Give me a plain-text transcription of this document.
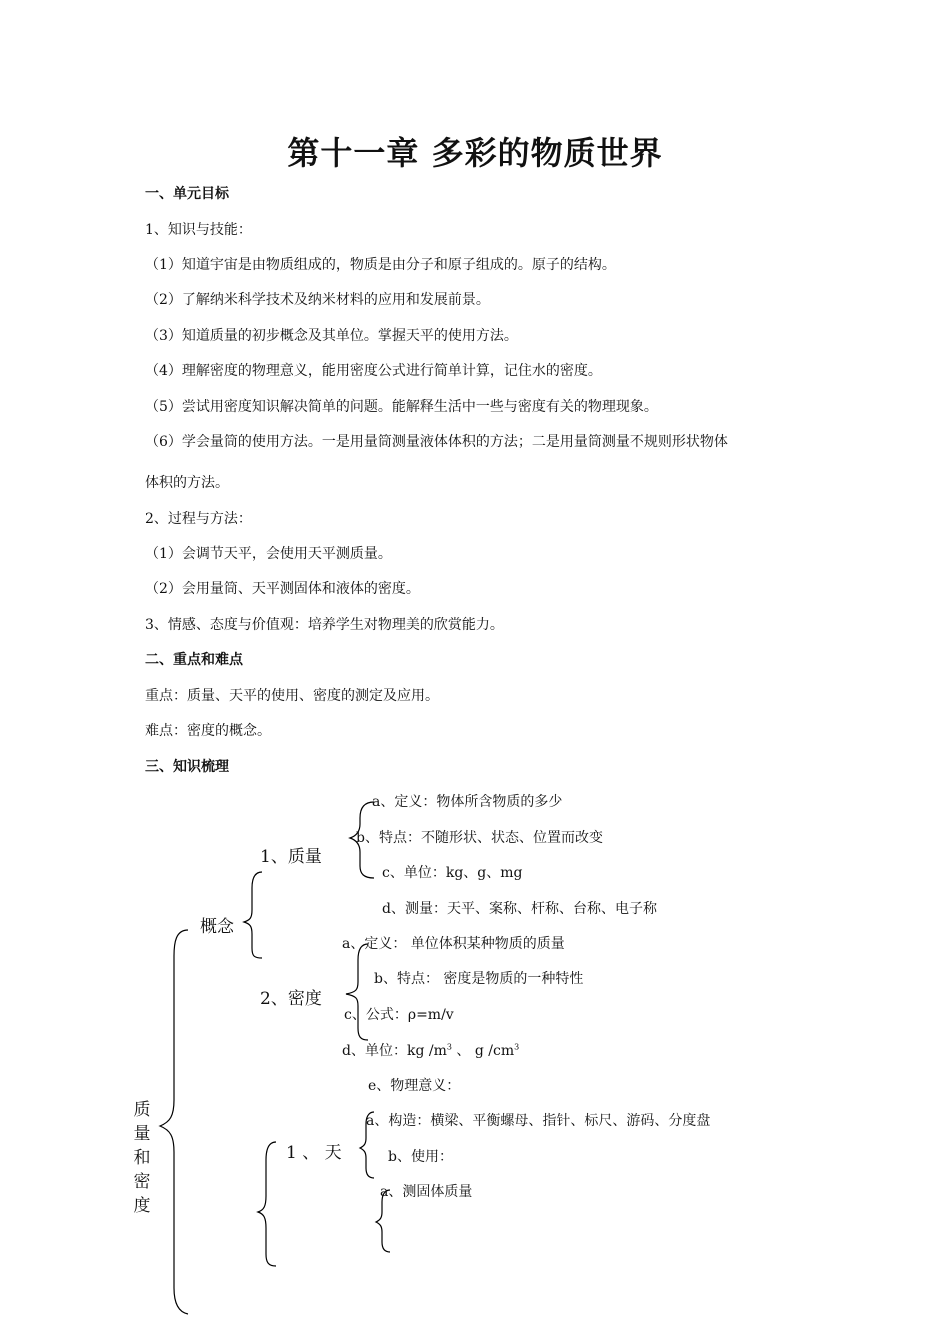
第十一章 多彩的物质世界
一、单元目标
1、知识与技能：
（1）知道宇宙是由物质组成的，物质是由分子和原子组成的。原子的结构。
（2）了解纳米科学技术及纳米材料的应用和发展前景。
（3）知道质量的初步概念及其单位。掌握天平的使用方法。
（4）理解密度的物理意义，能用密度公式进行简单计算，记住水的密度。
（5）尝试用密度知识解决简单的问题。能解释生活中一些与密度有关的物理现象。
（6）学会量筒的使用方法。一是用量筒测量液体体积的方法；二是用量筒测量不规则形状物体
体积的方法。
2、过程与方法：
（1）会调节天平，会使用天平测质量。
（2）会用量筒、天平测固体和液体的密度。
3、情感、态度与价值观：培养学生对物理美的欣赏能力。
二、重点和难点
重点：质量、天平的使用、密度的测定及应用。
难点：密度的概念。
三、知识梳理
质
量
和
密
度
概念
1、质量
a、定义：物体所含物质的多少
b、特点：不随形状、状态、位置而改变
c、单位：kg、g、mg
d、测量：天平、案称、杆称、台称、电子称
2、密度
a、定义： 单位体积某种物质的质量
b、特点： 密度是物质的一种特性
c、公式：ρ=m/v
d、单位：kg $/m^3$ 、 g $/cm^3$
e、物理意义：
1 、 天
a、构造：横梁、平衡螺母、指针、标尺、游码、分度盘
b、使用：
a、测固体质量
